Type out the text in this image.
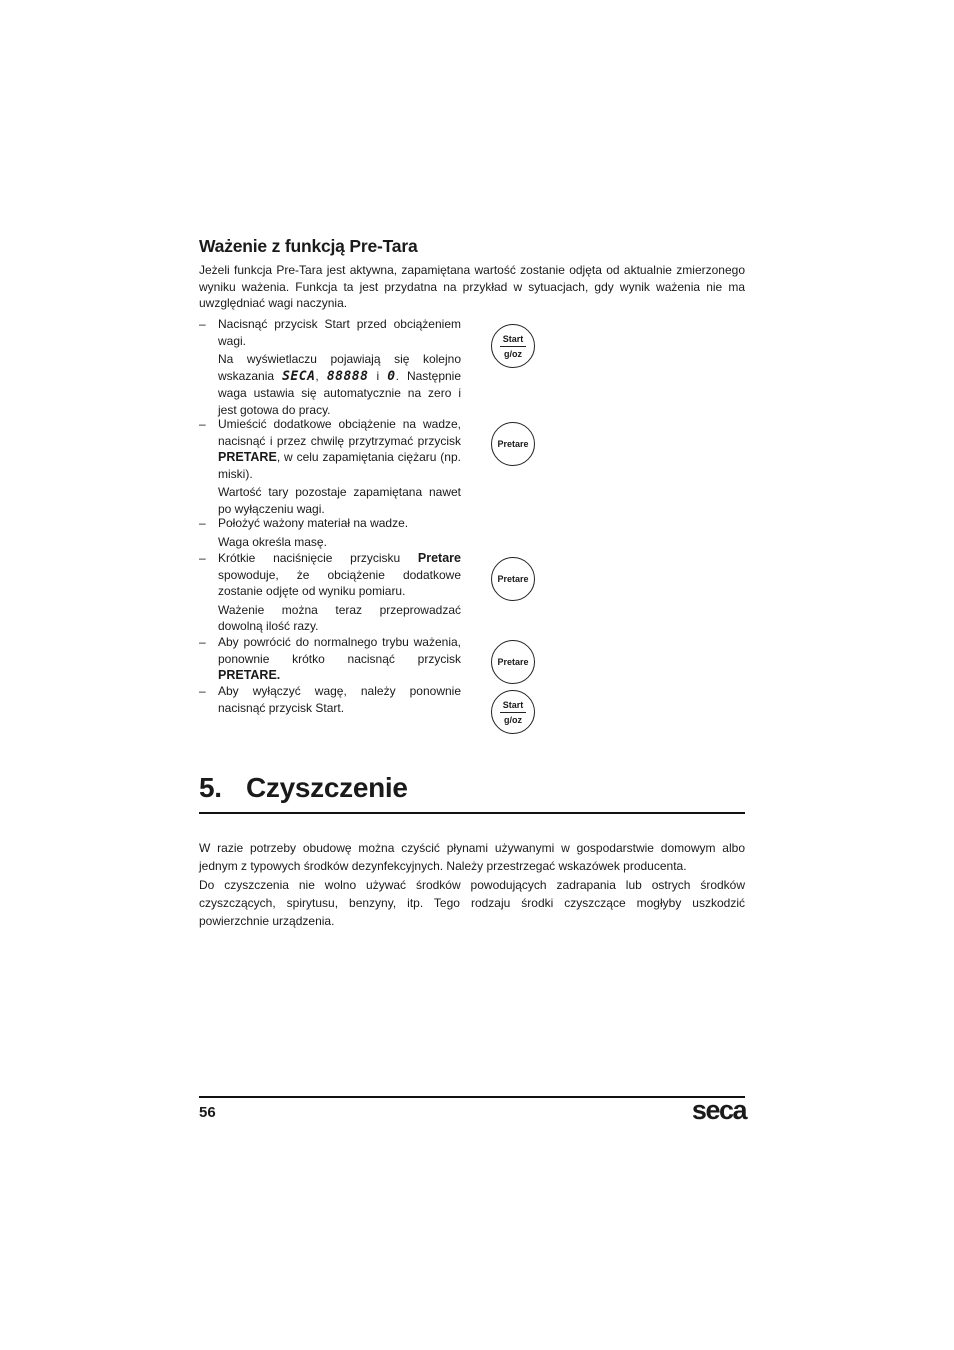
Ważenie z funkcją Pre-Tara
Jeżeli funkcja Pre-Tara jest aktywna, zapamiętana wartość zostanie odjęta od aktualnie zmierzonego wyniku ważenia. Funkcja ta jest przydatna na przykład w sytuacjach, gdy wynik ważenia nie ma uwzględniać wagi naczynia.
–	Nacisnąć przycisk Start przed obciążeniem wagi.
Na wyświetlaczu pojawiają się kolejno
wskazania SECA, 88888 i 0. Następnie
waga ustawia się automatycznie na zero i jest gotowa do pracy.
–	Umieścić dodatkowe obciążenie na wadze, nacisnąć i przez chwilę przytrzymać przycisk PRETARE, w celu zapamiętania ciężaru (np. miski).
Wartość tary pozostaje zapamiętana nawet po wyłączeniu wagi.
–	Położyć ważony materiał na wadze.
Waga określa masę.
–	Krótkie naciśnięcie przycisku Pretare
spowoduje, że obciążenie dodatkowe zostanie odjęte od wyniku pomiaru.
Ważenie można teraz przeprowadzać dowolną ilość razy.
–	Aby powrócić do normalnego trybu ważenia, ponownie krótko nacisnąć przycisk
PRETARE.
–	Aby wyłączyć wagę, należy ponownie nacisnąć przycisk Start.
Start
g/oz
Pretare
Pretare
Pretare
Start
g/oz
5. Czyszczenie
W razie potrzeby obudowę można czyścić płynami używanymi w gospodarstwie domowym albo jednym z typowych środków dezynfekcyjnych. Należy przestrzegać wskazówek producenta.
Do czyszczenia nie wolno używać środków powodujących zadrapania lub ostrych środków czyszczących, spirytusu, benzyny, itp. Tego rodzaju środki czyszczące mogłyby uszkodzić powierzchnie urządzenia.
56	seca
